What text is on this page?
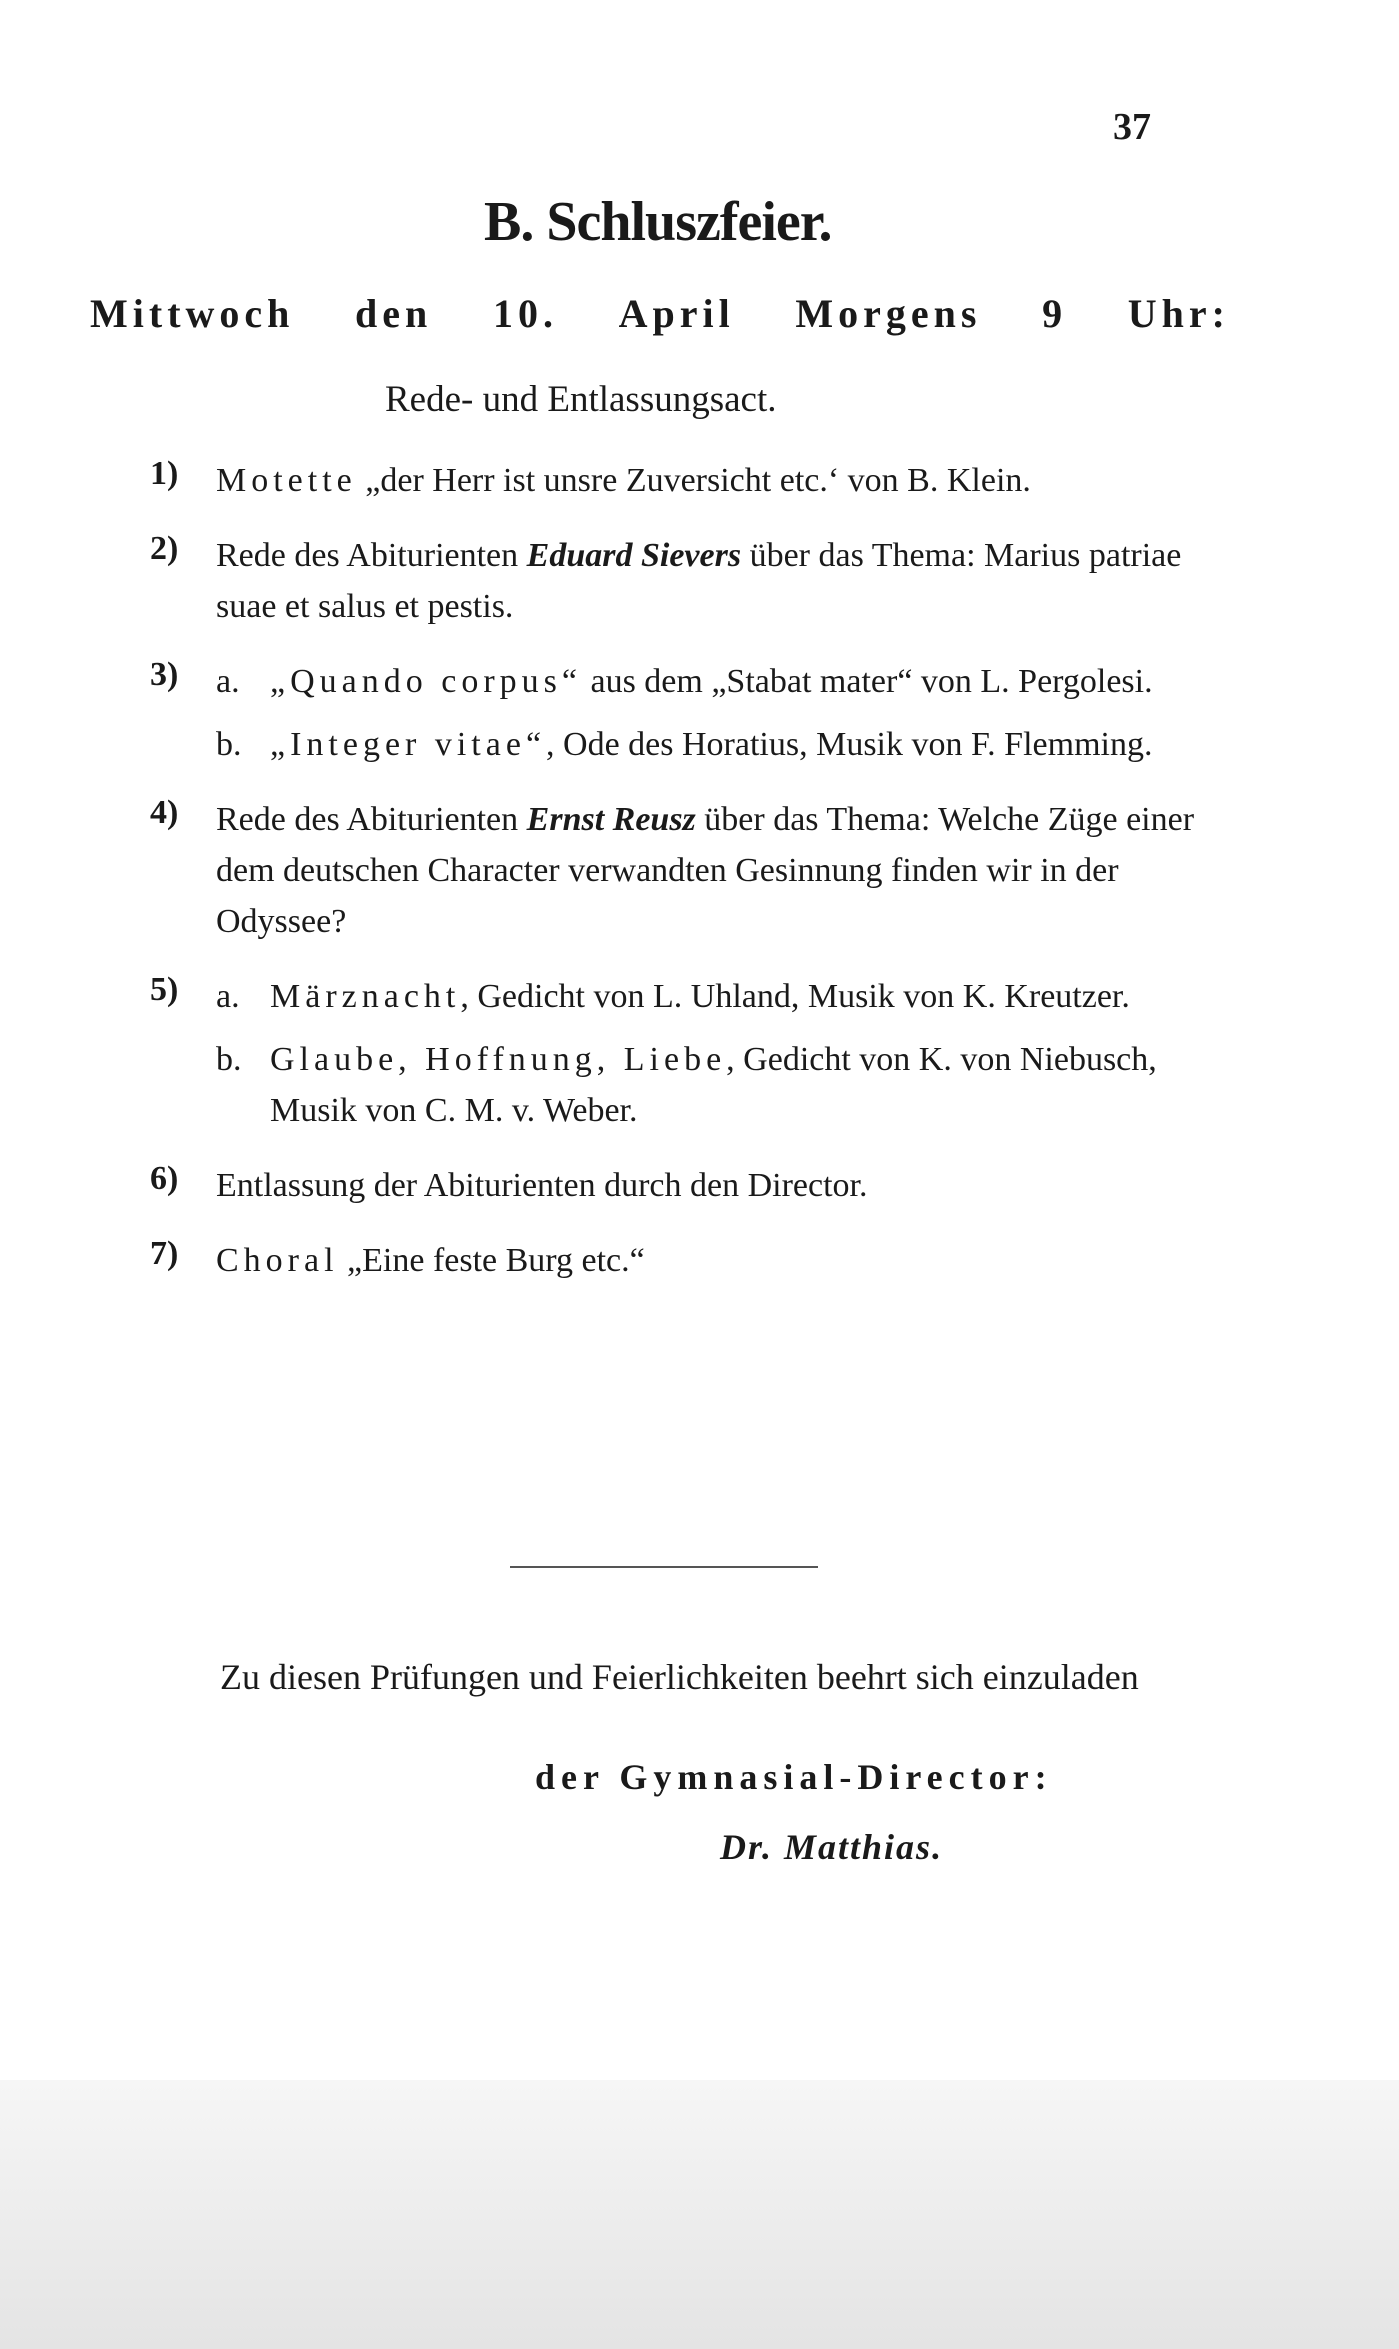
37
B. Schluszfeier.
Mittwoch den 10. April Morgens 9 Uhr:
Rede- und Entlassungsact.
1)	Motette „der Herr ist unsre Zuversicht etc.‘ von B. Klein.
2)	Rede des Abiturienten Eduard Sievers über das Thema: Marius patriae suae et salus et pestis.
3)	a. „Quando corpus“ aus dem „Stabat mater“ von L. Pergolesi.
b. „Integer vitae“, Ode des Horatius, Musik von F. Flemming.
4)	Rede des Abiturienten Ernst Reusz über das Thema: Welche Züge einer dem deutschen Character verwandten Gesinnung finden wir in der Odyssee?
5)	a. Märznacht, Gedicht von L. Uhland, Musik von K. Kreutzer.
b. Glaube, Hoffnung, Liebe, Gedicht von K. von Niebusch, Musik von C. M. v. Weber.
6)	Entlassung der Abiturienten durch den Director.
7)	Choral „Eine feste Burg etc.“
Zu diesen Prüfungen und Feierlichkeiten beehrt sich einzuladen
der Gymnasial-Director:
Dr. Matthias.
